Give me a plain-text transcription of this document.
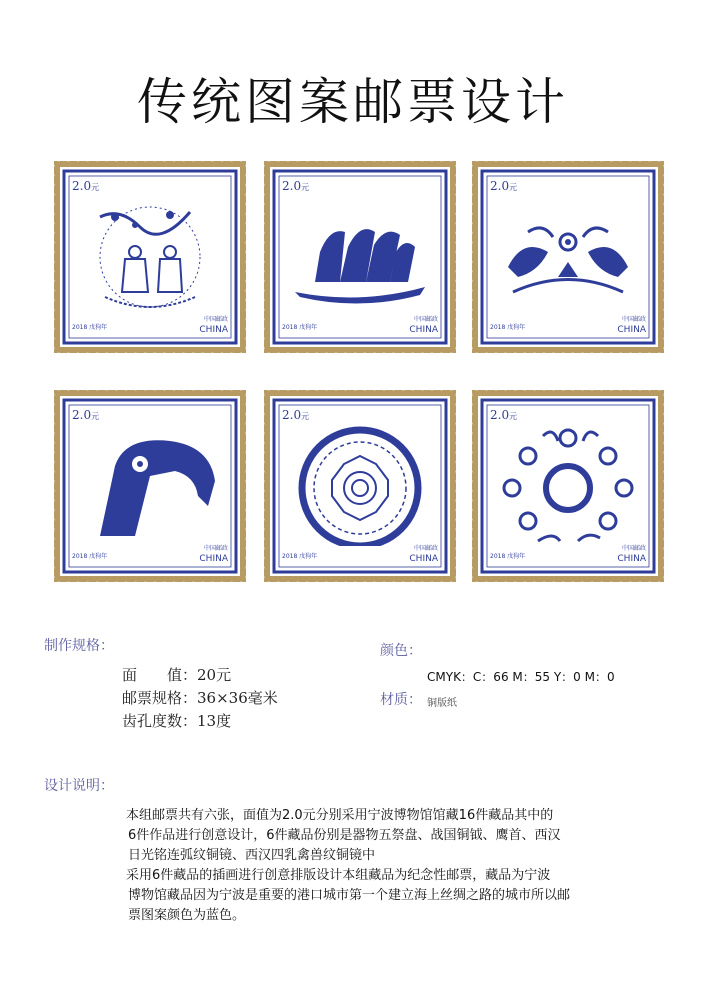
传统图案邮票设计
2.0元
2018 戊狗年
中国邮政
CHINA
2.0元
2018 戊狗年
中国邮政
CHINA
2.0元
2018 戊狗年
中国邮政
CHINA
2.0元
2018 戊狗年
中国邮政
CHINA
2.0元
2018 戊狗年
中国邮政
CHINA
2.0元
2018 戊狗年
中国邮政
CHINA
制作规格：
面　　值：20元
邮票规格：36×36毫米
齿孔度数：13度
颜色：
CMYK：C：66 M：55 Y：0 M：0
材质： 铜版纸
设计说明：
　　本组邮票共有六张，面值为2.0元分别采用宁波博物馆馆藏16件藏品其中的
6件作品进行创意设计，6件藏品份别是器物五祭盘、战国铜钺、鹰首、西汉
日光铭连弧纹铜镜、西汉四乳禽兽纹铜镜中
　　采用6件藏品的插画进行创意排版设计本组藏品为纪念性邮票，藏品为宁波
博物馆藏品因为宁波是重要的港口城市第一个建立海上丝绸之路的城市所以邮
票图案颜色为蓝色。
